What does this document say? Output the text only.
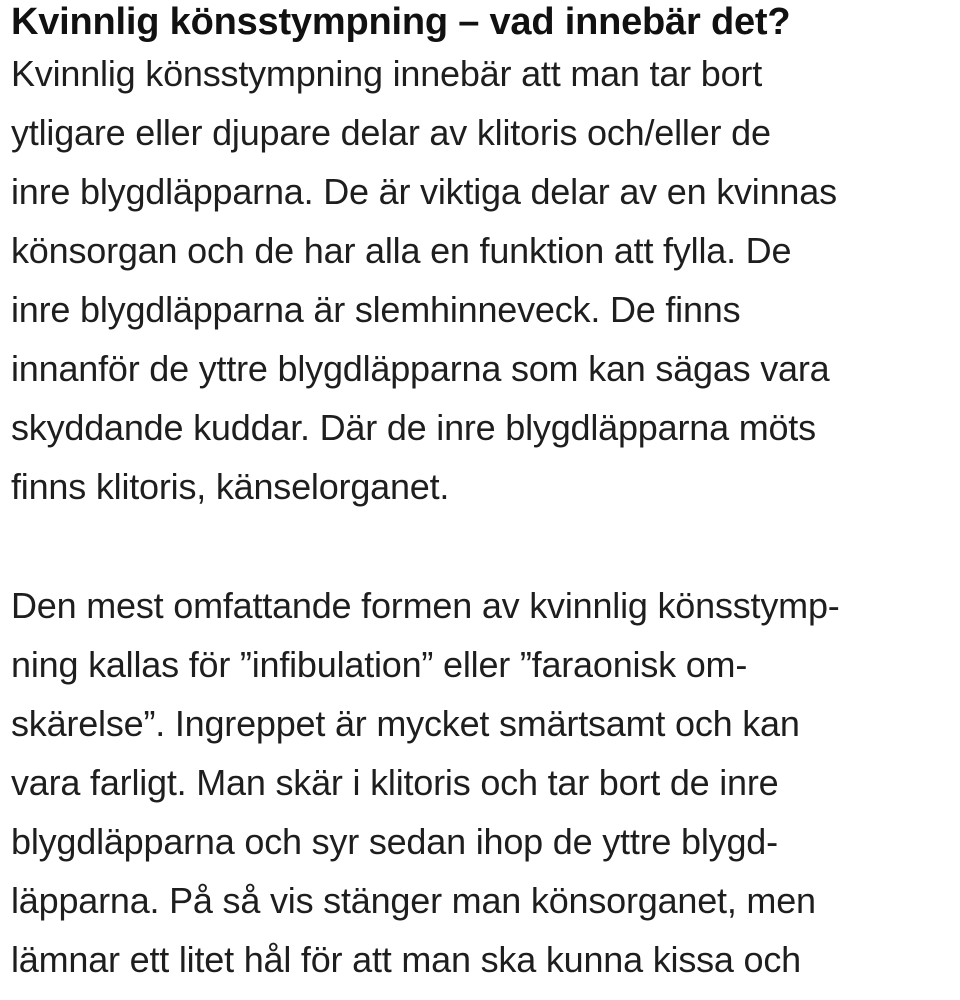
Kvinnlig könsstympning – vad innebär det?

Kvinnlig könsstympning innebär att man tar bort
ytligare eller djupare delar av klitoris och/eller de
inre blygdläpparna. De är viktiga delar av en kvinnas
könsorgan och de har alla en funktion att fylla. De
inre blygdläpparna är slemhinneveck. De finns
innanför de yttre blygdläpparna som kan sägas vara
skyddande kuddar. Där de inre blygdläpparna möts
finns klitoris, känselorganet.

Den mest omfattande formen av kvinnlig könsstymp-
ning kallas för ”infibulation” eller ”faraonisk om-
skärelse”. Ingreppet är mycket smärtsamt och kan
vara farligt. Man skär i klitoris och tar bort de inre
blygdläpparna och syr sedan ihop de yttre blygd-
läpparna. På så vis stänger man könsorganet, men
lämnar ett litet hål för att man ska kunna kissa och
